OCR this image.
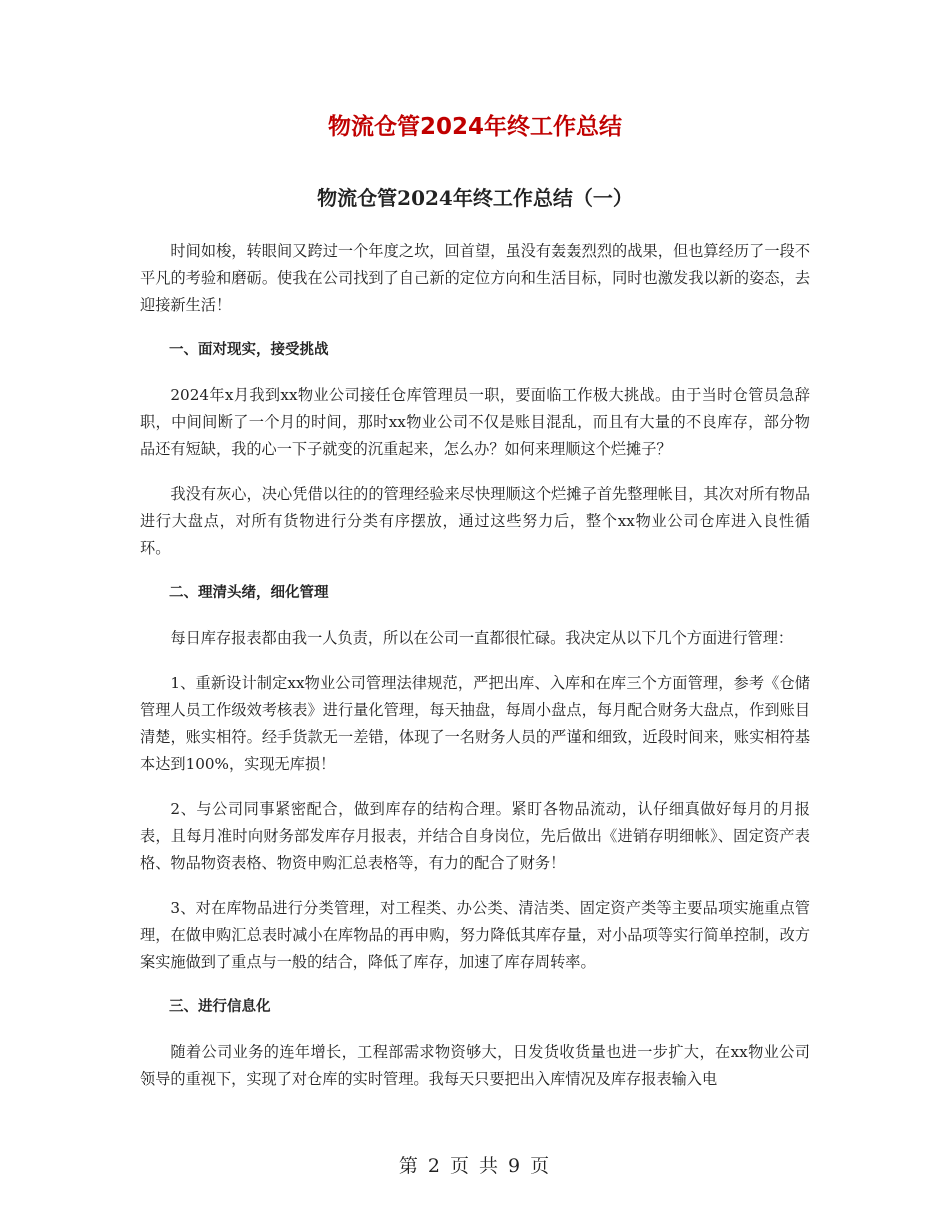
物流仓管2024年终工作总结
物流仓管2024年终工作总结（一）

时间如梭，转眼间又跨过一个年度之坎，回首望，虽没有轰轰烈烈的战果，但也算经历了一段不平凡的考验和磨砺。使我在公司找到了自己新的定位方向和生活目标，同时也激发我以新的姿态，去迎接新生活！

一、面对现实，接受挑战

2024年x月我到xx物业公司接任仓库管理员一职，要面临工作极大挑战。由于当时仓管员急辞职，中间间断了一个月的时间，那时xx物业公司不仅是账目混乱，而且有大量的不良库存，部分物品还有短缺，我的心一下子就变的沉重起来，怎么办？如何来理顺这个烂摊子？

我没有灰心，决心凭借以往的的管理经验来尽快理顺这个烂摊子首先整理帐目，其次对所有物品进行大盘点，对所有货物进行分类有序摆放，通过这些努力后，整个xx物业公司仓库进入良性循环。

二、理清头绪，细化管理

每日库存报表都由我一人负责，所以在公司一直都很忙碌。我决定从以下几个方面进行管理：

1、重新设计制定xx物业公司管理法律规范，严把出库、入库和在库三个方面管理，参考《仓储管理人员工作级效考核表》进行量化管理，每天抽盘，每周小盘点，每月配合财务大盘点，作到账目清楚，账实相符。经手货款无一差错，体现了一名财务人员的严谨和细致，近段时间来，账实相符基本达到100%，实现无库损！

2、与公司同事紧密配合，做到库存的结构合理。紧盯各物品流动，认仔细真做好每月的月报表，且每月准时向财务部发库存月报表，并结合自身岗位，先后做出《进销存明细帐》、固定资产表格、物品物资表格、物资申购汇总表格等，有力的配合了财务！

3、对在库物品进行分类管理，对工程类、办公类、清洁类、固定资产类等主要品项实施重点管理，在做申购汇总表时减小在库物品的再申购，努力降低其库存量，对小品项等实行简单控制，改方案实施做到了重点与一般的结合，降低了库存，加速了库存周转率。

三、进行信息化

随着公司业务的连年增长，工程部需求物资够大，日发货收货量也进一步扩大，在xx物业公司领导的重视下，实现了对仓库的实时管理。我每天只要把出入库情况及库存报表输入电

第 2 页 共 9 页
